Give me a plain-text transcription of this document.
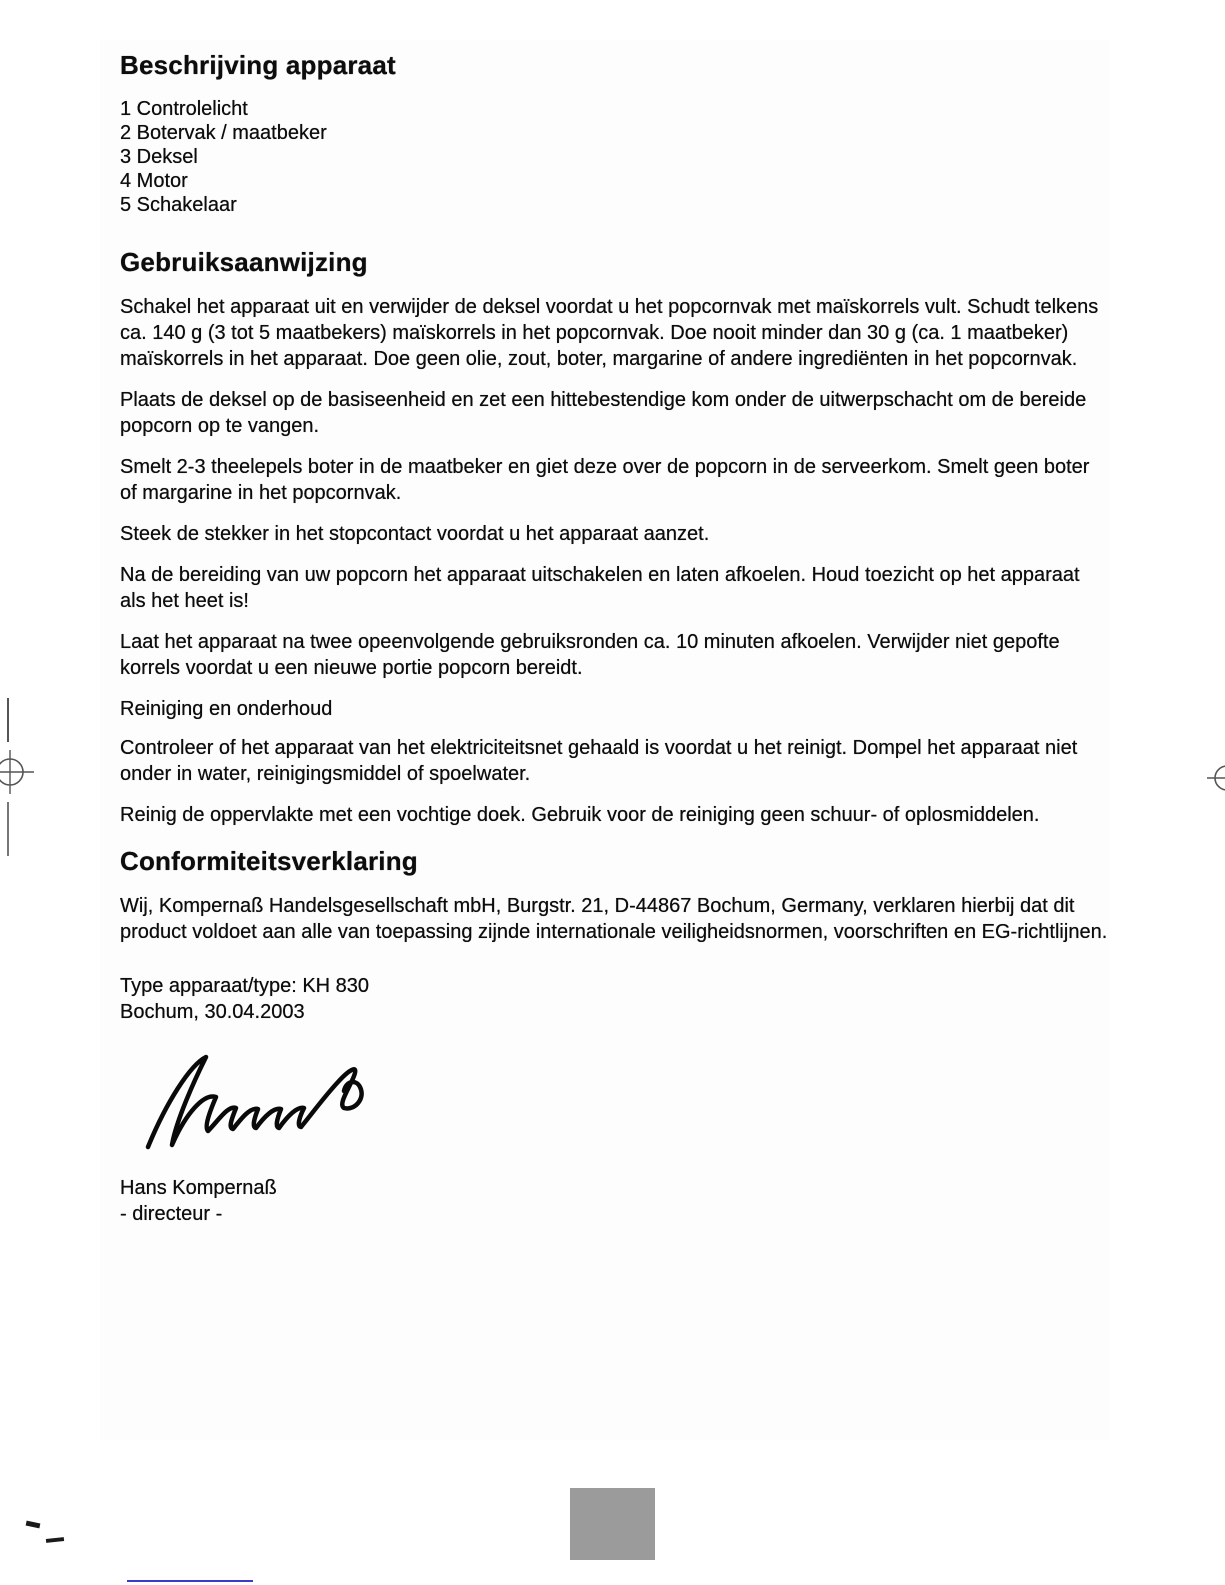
Beschrijving apparaat
1 Controlelicht
2 Botervak / maatbeker
3 Deksel
4 Motor
5 Schakelaar
Gebruiksaanwijzing

Schakel het apparaat uit en verwijder de deksel voordat u het popcornvak met maïskorrels vult. Schudt telkens ca. 140 g (3 tot 5 maatbekers) maïskorrels in het popcornvak. Doe nooit minder dan 30 g (ca. 1 maatbeker) maïskorrels in het apparaat. Doe geen olie, zout, boter, margarine of andere ingrediënten in het popcornvak.

Plaats de deksel op de basiseenheid en zet een hittebestendige kom onder de uitwerpschacht om de bereide popcorn op te vangen.

Smelt 2-3 theelepels boter in de maatbeker en giet deze over de popcorn in de serveerkom. Smelt geen boter of margarine in het popcornvak.

Steek de stekker in het stopcontact voordat u het apparaat aanzet.

Na de bereiding van uw popcorn het apparaat uitschakelen en laten afkoelen. Houd toezicht op het apparaat als het heet is!

Laat het apparaat na twee opeenvolgende gebruiksronden ca. 10 minuten afkoelen. Verwijder niet gepofte korrels voordat u een nieuwe portie popcorn bereidt.

Reiniging en onderhoud

Controleer of het apparaat van het elektriciteitsnet gehaald is voordat u het reinigt. Dompel het apparaat niet onder in water, reinigingsmiddel of spoelwater.

Reinig de oppervlakte met een vochtige doek. Gebruik voor de reiniging geen schuur- of oplosmiddelen.

Conformiteitsverklaring

Wij, Kompernaß Handelsgesellschaft mbH, Burgstr. 21, D-44867 Bochum, Germany, verklaren hierbij dat dit product voldoet aan alle van toepassing zijnde internationale veiligheidsnormen, voorschriften en EG-richtlijnen.

Type apparaat/type: KH 830

Bochum, 30.04.2003

Hans Kompernaß

- directeur -
